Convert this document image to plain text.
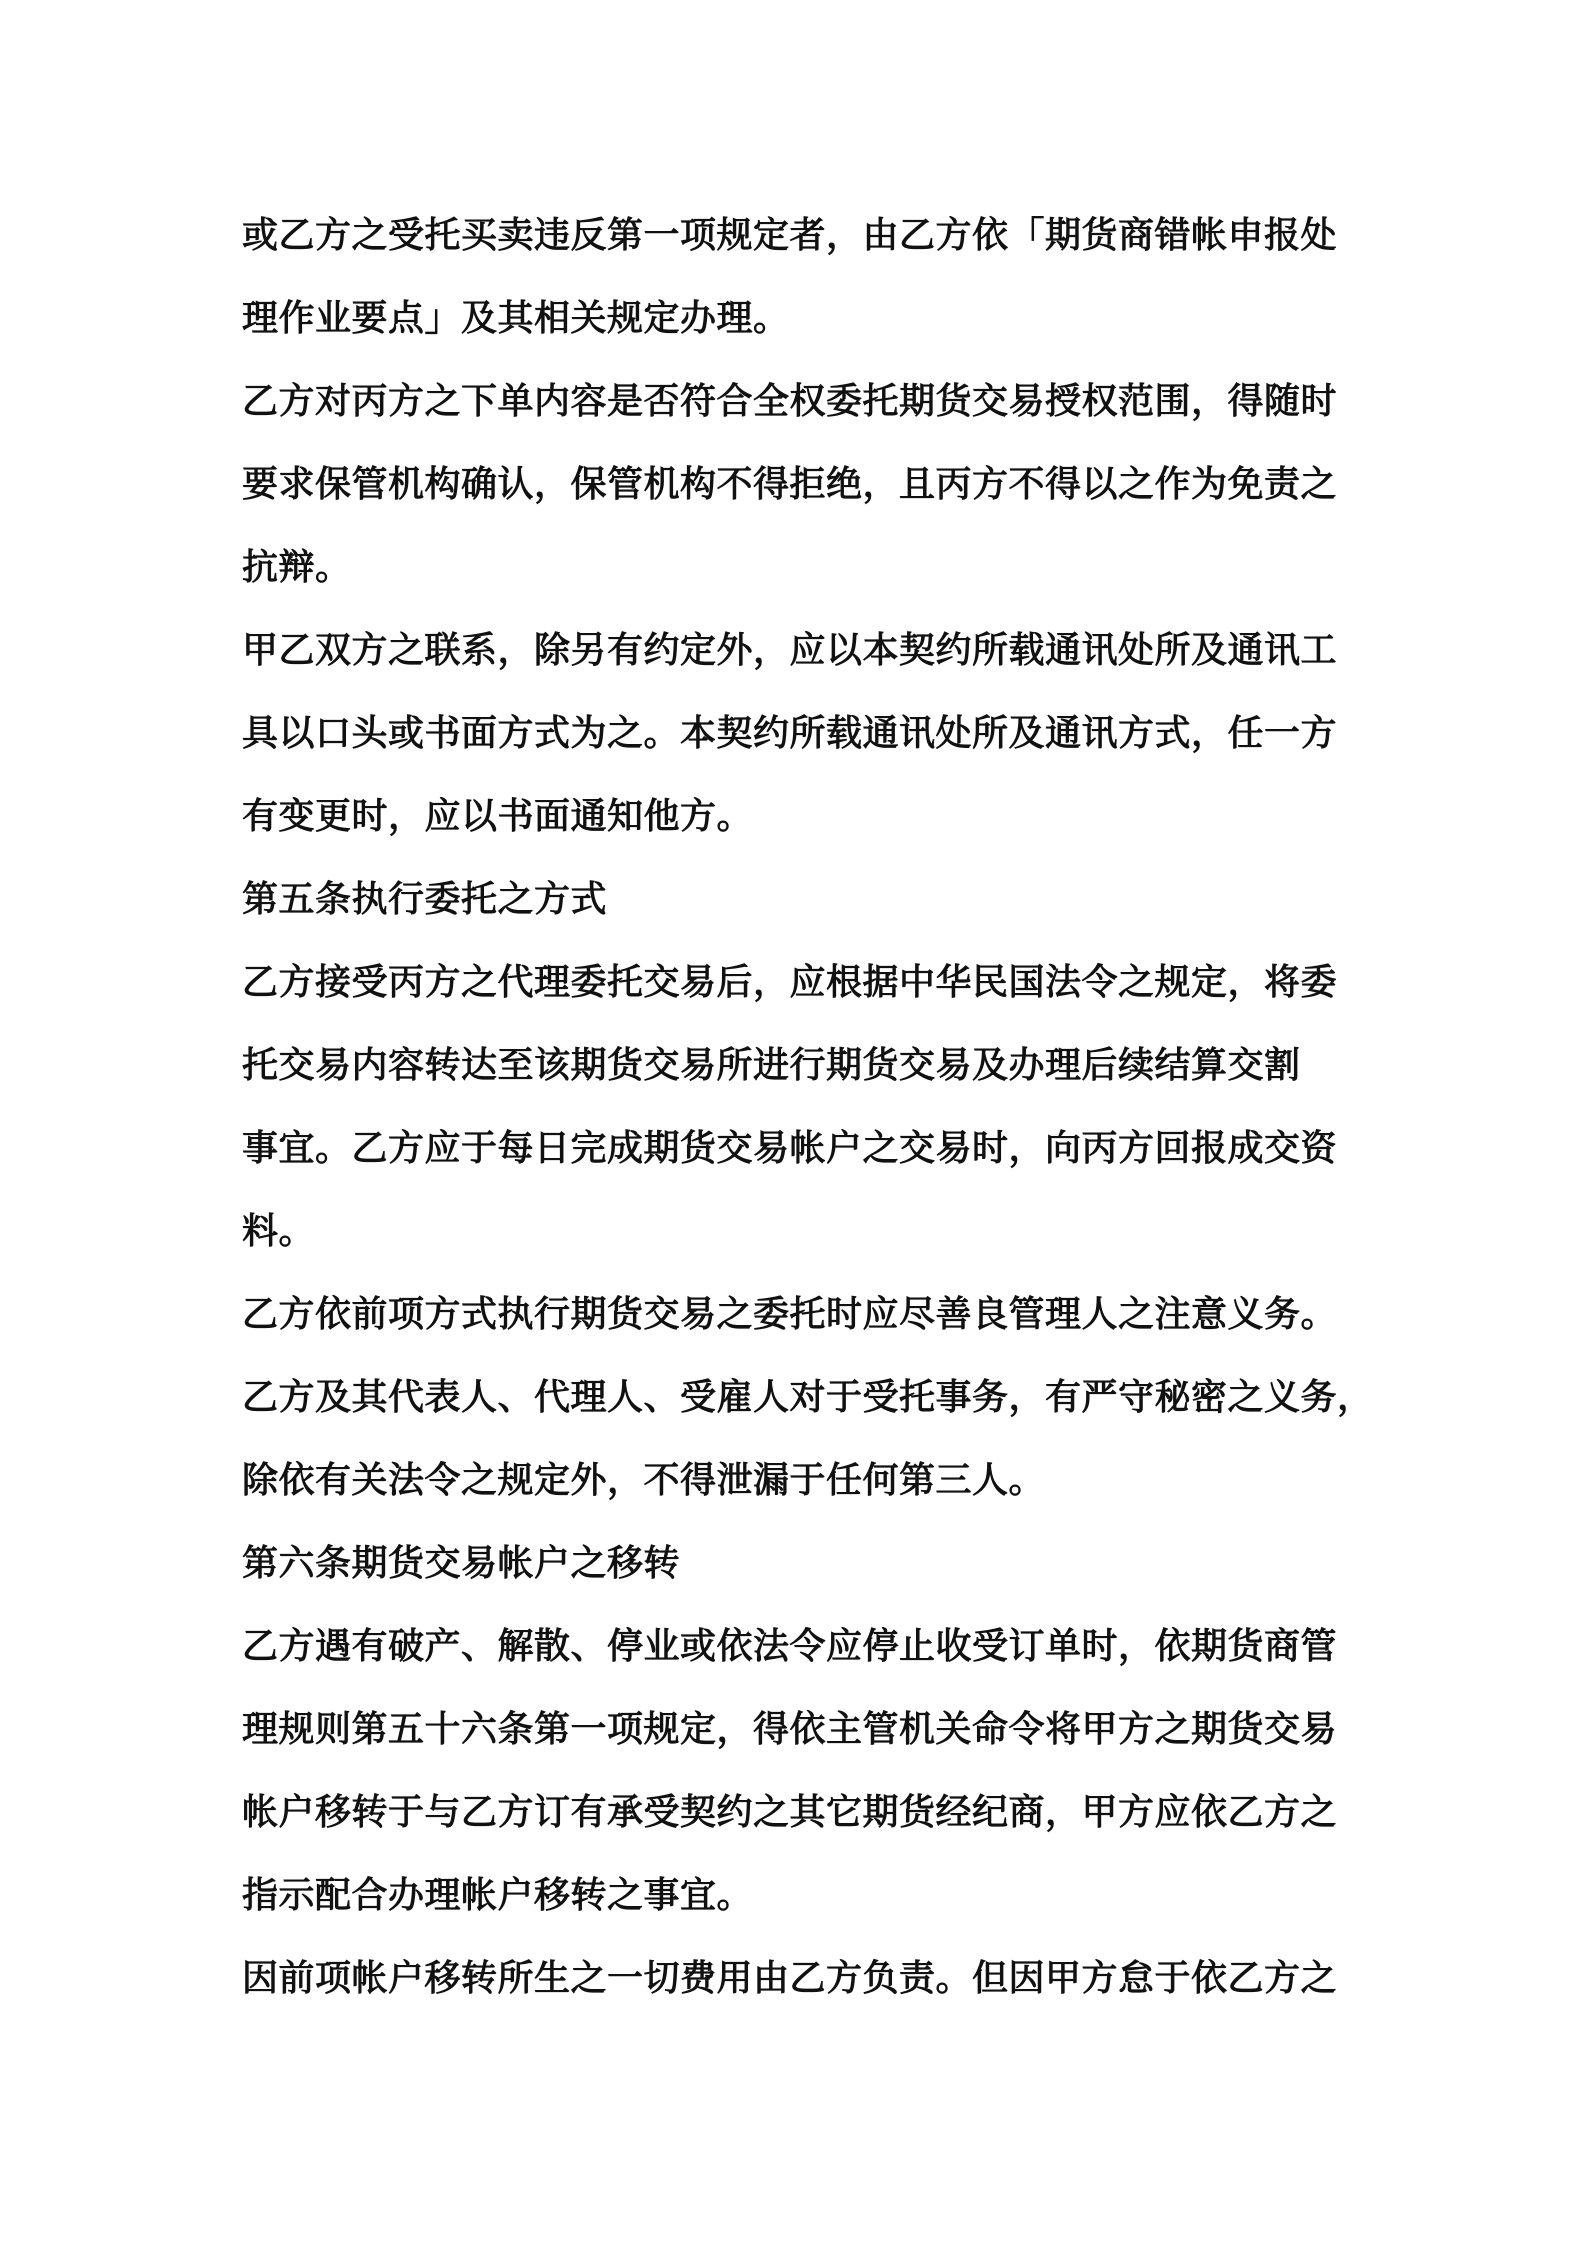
或乙方之受托买卖违反第一项规定者，由乙方依「期货商错帐申报处
理作业要点」及其相关规定办理。
乙方对丙方之下单内容是否符合全权委托期货交易授权范围，得随时
要求保管机构确认，保管机构不得拒绝，且丙方不得以之作为免责之
抗辩。
甲乙双方之联系，除另有约定外，应以本契约所载通讯处所及通讯工
具以口头或书面方式为之。本契约所载通讯处所及通讯方式，任一方
有变更时，应以书面通知他方。
第五条执行委托之方式
乙方接受丙方之代理委托交易后，应根据中华民国法令之规定，将委
托交易内容转达至该期货交易所进行期货交易及办理后续结算交割
事宜。乙方应于每日完成期货交易帐户之交易时，向丙方回报成交资
料。
乙方依前项方式执行期货交易之委托时应尽善良管理人之注意义务。
乙方及其代表人、代理人、受雇人对于受托事务，有严守秘密之义务，
除依有关法令之规定外，不得泄漏于任何第三人。
第六条期货交易帐户之移转
乙方遇有破产、解散、停业或依法令应停止收受订单时，依期货商管
理规则第五十六条第一项规定，得依主管机关命令将甲方之期货交易
帐户移转于与乙方订有承受契约之其它期货经纪商，甲方应依乙方之
指示配合办理帐户移转之事宜。
因前项帐户移转所生之一切费用由乙方负责。但因甲方怠于依乙方之
